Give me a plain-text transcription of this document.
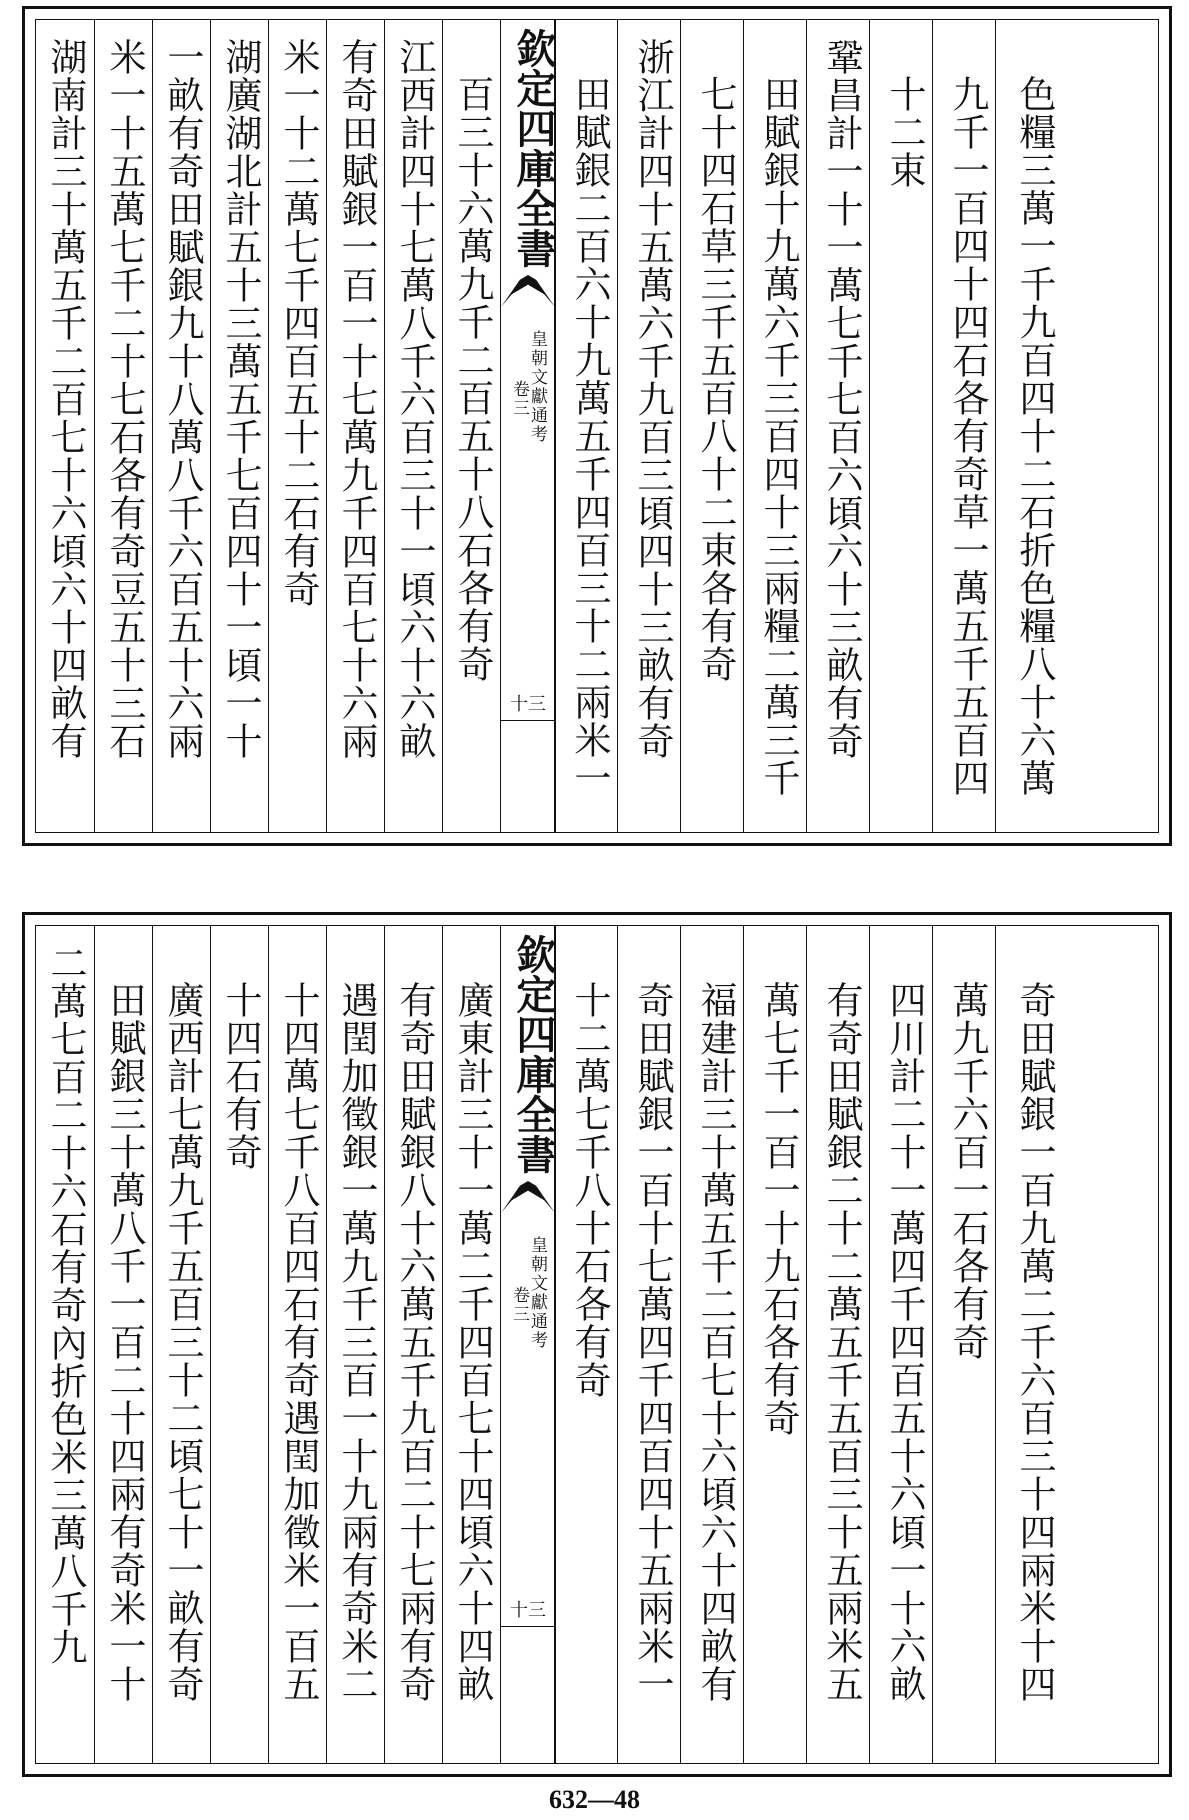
湖南計三十萬五千二百七十六頃六十四畝有 米一十五萬七千二十七石各有奇豆五十三石 一畝有奇田賦銀九十八萬八千六百五十六兩 湖廣湖北計五十三萬五千七百四十一頃一十 米一十二萬七千四百五十二石有奇 有奇田賦銀一百一十七萬九千四百七十六兩 江西計四十七萬八千六百三十一頃六十六畝 百三十六萬九千二百五十八石各有奇 欽定四庫全書
皇朝文獻通考
卷三
十三 田賦銀二百六十九萬五千四百三十二兩米一 浙江計四十五萬六千九百三頃四十三畝有奇 七十四石草三千五百八十二束各有奇 田賦銀十九萬六千三百四十三兩糧二萬三千 鞏昌計一十一萬七千七百六頃六十三畝有奇 十二束 九千一百四十四石各有奇草一萬五千五百四 色糧三萬一千九百四十二石折色糧八十六萬
二萬七百二十六石有奇內折色米三萬八千九 田賦銀三十萬八千一百二十四兩有奇米一十 廣西計七萬九千五百三十二頃七十一畝有奇 十四石有奇 十四萬七千八百四石有奇遇閏加徵米一百五 遇閏加徵銀一萬九千三百一十九兩有奇米二 有奇田賦銀八十六萬五千九百二十七兩有奇 廣東計三十一萬二千四百七十四頃六十四畝 欽定四庫全書
皇朝文獻通考
卷三
十三
十二萬七千八十石各有奇 奇田賦銀一百十七萬四千四百四十五兩米一 福建計三十萬五千二百七十六頃六十四畝有 萬七千一百一十九石各有奇 有奇田賦銀二十二萬五千五百三十五兩米五 四川計二十一萬四千四百五十六頃一十六畝 萬九千六百一石各有奇 奇田賦銀一百九萬二千六百三十四兩米十四
632—48
